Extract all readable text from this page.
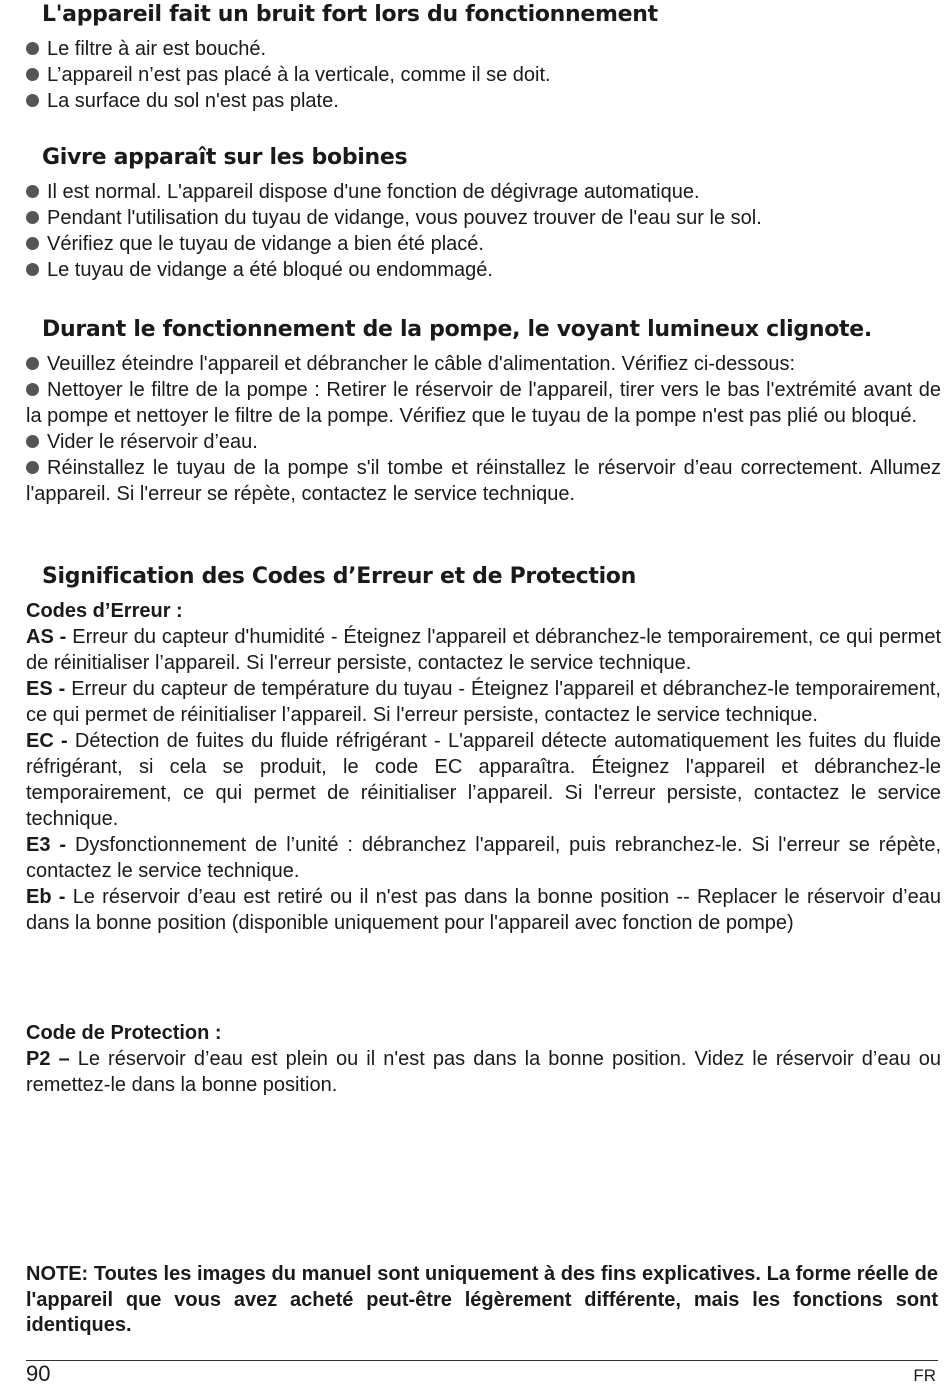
L'appareil fait un bruit fort lors du fonctionnement
Le filtre à air est bouché.
L’appareil n’est pas placé à la verticale, comme il se doit.
La surface du sol n'est pas plate.
Givre apparaît sur les bobines
Il est normal. L'appareil dispose d'une fonction de dégivrage automatique.
Pendant l'utilisation du tuyau de vidange, vous pouvez trouver de l'eau sur le sol.
Vérifiez que le tuyau de vidange a bien été placé.
Le tuyau de vidange a été bloqué ou endommagé.
Durant le fonctionnement de la pompe, le voyant lumineux clignote.
Veuillez éteindre l'appareil et débrancher le câble d'alimentation. Vérifiez ci-dessous:
Nettoyer le filtre de la pompe : Retirer le réservoir de l'appareil, tirer vers le bas l'extrémité avant de la pompe et nettoyer le filtre de la pompe. Vérifiez que le tuyau de la pompe n'est pas plié ou bloqué.
Vider le réservoir d’eau.
Réinstallez le tuyau de la pompe s'il tombe et réinstallez le réservoir d’eau correctement. Allumez l'appareil. Si l'erreur se répète, contactez le service technique.
Signification des Codes d’Erreur et de Protection
Codes d’Erreur :
AS - Erreur du capteur d'humidité - Éteignez l'appareil et débranchez-le temporairement, ce qui permet de réinitialiser l’appareil. Si l'erreur persiste, contactez le service technique.
ES - Erreur du capteur de température du tuyau - Éteignez l'appareil et débranchez-le temporairement, ce qui permet de réinitialiser l’appareil. Si l'erreur persiste, contactez le service technique.
EC - Détection de fuites du fluide réfrigérant - L'appareil détecte automatiquement les fuites du fluide réfrigérant, si cela se produit, le code EC apparaîtra. Éteignez l'appareil et débranchez-le temporairement, ce qui permet de réinitialiser l’appareil. Si l'erreur persiste, contactez le service technique.
E3 - Dysfonctionnement de l’unité : débranchez l'appareil, puis rebranchez-le. Si l'erreur se répète, contactez le service technique.
Eb - Le réservoir d’eau est retiré ou il n'est pas dans la bonne position -- Replacer le réservoir d’eau dans la bonne position (disponible uniquement pour l'appareil avec fonction de pompe)
Code de Protection :
P2 – Le réservoir d’eau est plein ou il n'est pas dans la bonne position. Videz le réservoir d’eau ou remettez-le dans la bonne position.
NOTE: Toutes les images du manuel sont uniquement à des fins explicatives. La forme réelle de l'appareil que vous avez acheté peut-être légèrement différente, mais les fonctions sont identiques.
90	FR
